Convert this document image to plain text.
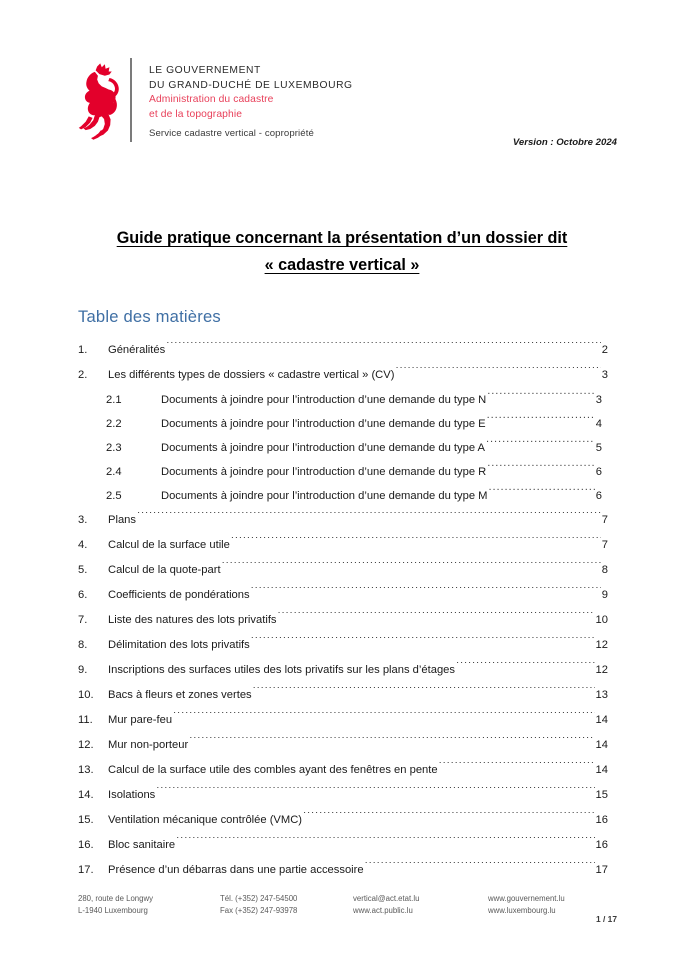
LE GOUVERNEMENT
DU GRAND-DUCHÉ DE LUXEMBOURG
Administration du cadastre
et de la topographie
Service cadastre vertical - copropriété
Version : Octobre 2024
Guide pratique concernant la présentation d’un dossier dit
« cadastre vertical »
Table des matières
1.	Généralités .....	2
2.	Les différents types de dossiers « cadastre vertical » (CV) .....	3
2.1	Documents à joindre pour l’introduction d’une demande du type N .....	3
2.2	Documents à joindre pour l’introduction d’une demande du type E .....	4
2.3	Documents à joindre pour l’introduction d’une demande du type A .....	5
2.4	Documents à joindre pour l’introduction d’une demande du type R .....	6
2.5	Documents à joindre pour l’introduction d’une demande du type M .....	6
3.	Plans .....	7
4.	Calcul de la surface utile .....	7
5.	Calcul de la quote-part .....	8
6.	Coefficients de pondérations .....	9
7.	Liste des natures des lots privatifs .....	10
8.	Délimitation des lots privatifs .....	12
9.	Inscriptions des surfaces utiles des lots privatifs sur les plans d’étages .....	12
10.	Bacs à fleurs et zones vertes .....	13
11.	Mur pare-feu .....	14
12.	Mur non-porteur .....	14
13.	Calcul de la surface utile des combles ayant des fenêtres en pente .....	14
14.	Isolations .....	15
15.	Ventilation mécanique contrôlée (VMC) .....	16
16.	Bloc sanitaire .....	16
17.	Présence d’un débarras dans une partie accessoire .....	17
280, route de Longwy
L-1940 Luxembourg
Tél. (+352) 247-54500
Fax (+352) 247-93978
vertical@act.etat.lu
www.act.public.lu
www.gouvernement.lu
www.luxembourg.lu
1 / 17
